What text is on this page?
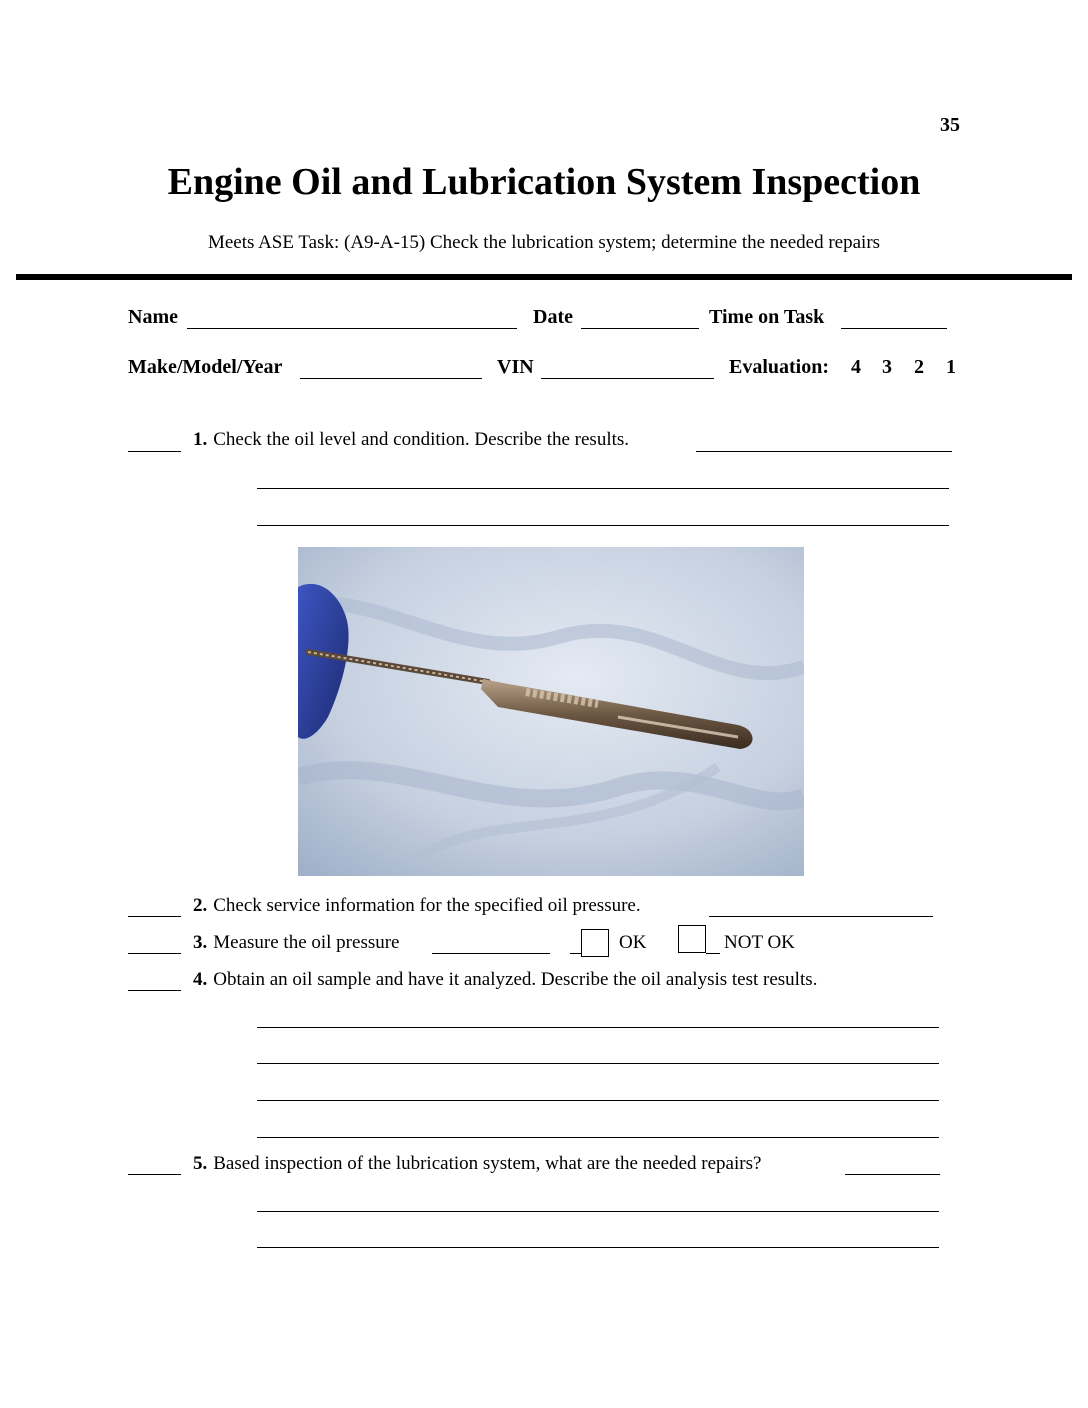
35
Engine Oil and Lubrication System Inspection
Meets ASE Task: (A9-A-15) Check the lubrication system; determine the needed repairs
Name	Date	Time on Task
Make/Model/Year	VIN	Evaluation: 4 3 2 1
1. Check the oil level and condition. Describe the results.
2. Check service information for the specified oil pressure.
3. Measure the oil pressure	OK	NOT OK
4. Obtain an oil sample and have it analyzed. Describe the oil analysis test results.
5. Based inspection of the lubrication system, what are the needed repairs?
